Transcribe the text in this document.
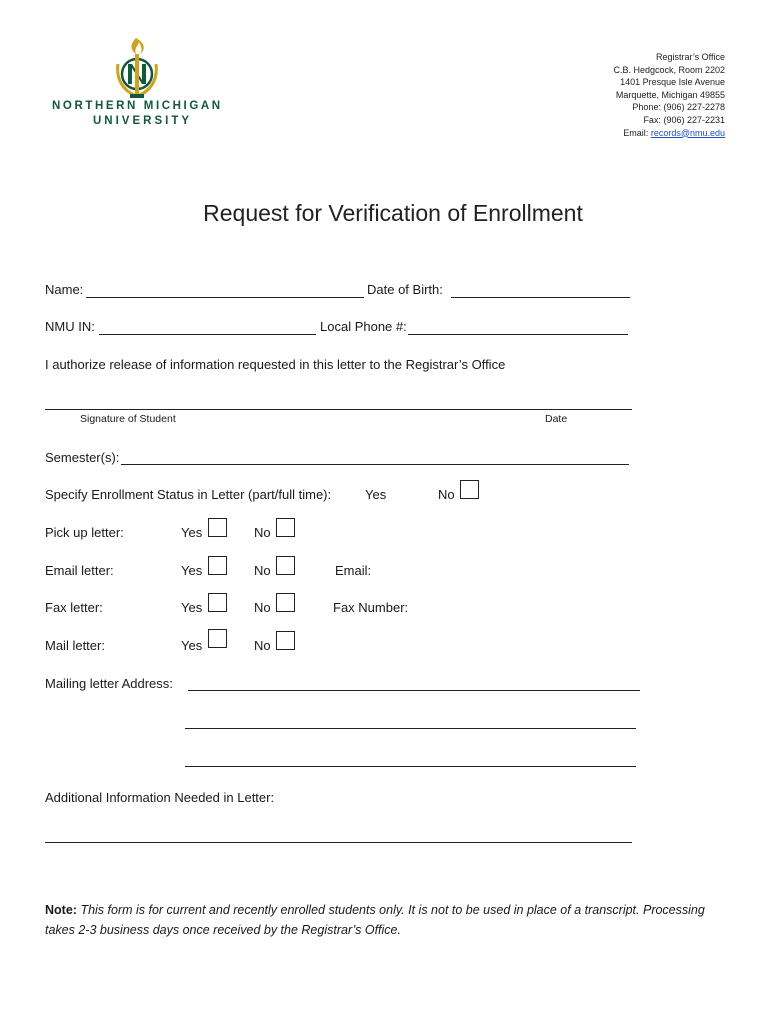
NORTHERN MICHIGAN
UNIVERSITY
Registrar’s Office
C.B. Hedgcock, Room 2202
1401 Presque Isle Avenue
Marquette, Michigan 49855
Phone: (906) 227-2278
Fax: (906) 227-2231
Email: records@nmu.edu
Request for Verification of Enrollment
Name:	Date of Birth:
NMU IN:	Local Phone #:
I authorize release of information requested in this letter to the Registrar’s Office
Signature of Student	Date
Semester(s):
Specify Enrollment Status in Letter (part/full time):	Yes	No
Pick up letter:	Yes	No
Email letter:	Yes	No	Email:
Fax letter:	Yes	No	Fax Number:
Mail letter:	Yes	No
Mailing letter Address:
Additional Information Needed in Letter:
Note: This form is for current and recently enrolled students only. It is not to be used in place of a transcript. Processing takes 2-3 business days once received by the Registrar’s Office.
